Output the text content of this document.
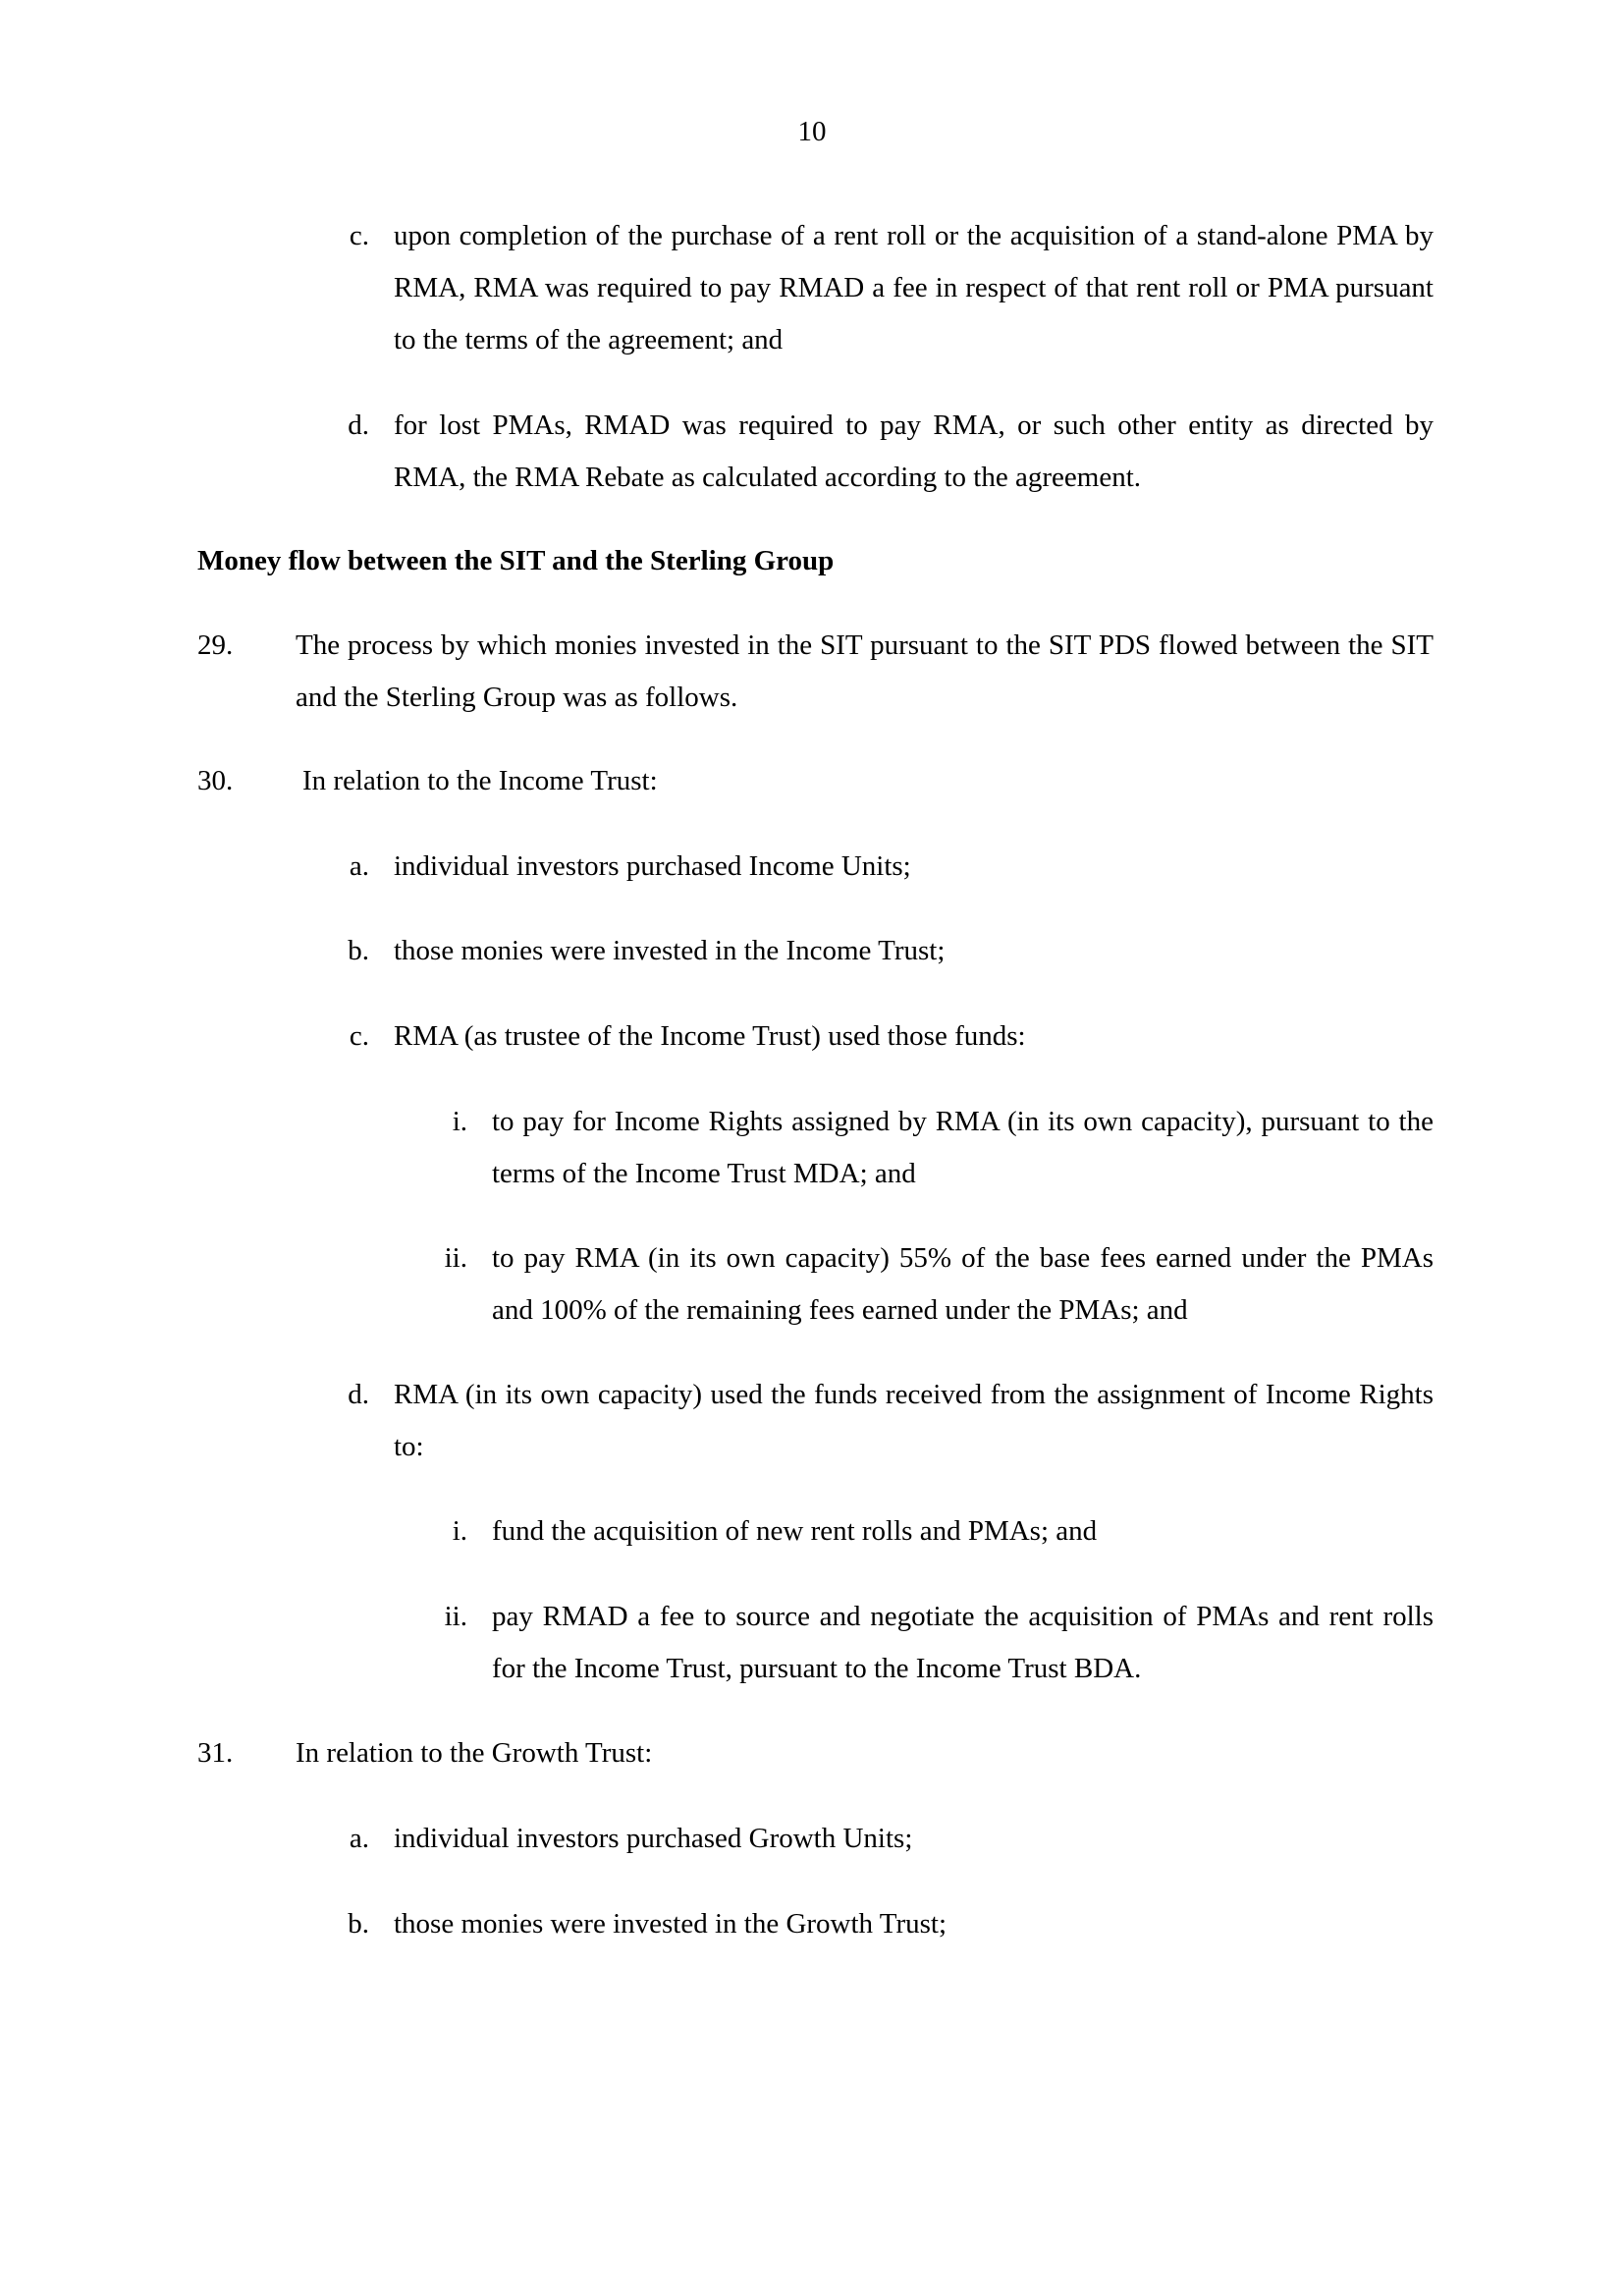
10
c. upon completion of the purchase of a rent roll or the acquisition of a stand-alone PMA by RMA, RMA was required to pay RMAD a fee in respect of that rent roll or PMA pursuant to the terms of the agreement; and
d. for lost PMAs, RMAD was required to pay RMA, or such other entity as directed by RMA, the RMA Rebate as calculated according to the agreement.
Money flow between the SIT and the Sterling Group
29. The process by which monies invested in the SIT pursuant to the SIT PDS flowed between the SIT and the Sterling Group was as follows.
30. In relation to the Income Trust:
a. individual investors purchased Income Units;
b. those monies were invested in the Income Trust;
c. RMA (as trustee of the Income Trust) used those funds:
i. to pay for Income Rights assigned by RMA (in its own capacity), pursuant to the terms of the Income Trust MDA; and
ii. to pay RMA (in its own capacity) 55% of the base fees earned under the PMAs and 100% of the remaining fees earned under the PMAs; and
d. RMA (in its own capacity) used the funds received from the assignment of Income Rights to:
i. fund the acquisition of new rent rolls and PMAs; and
ii. pay RMAD a fee to source and negotiate the acquisition of PMAs and rent rolls for the Income Trust, pursuant to the Income Trust BDA.
31. In relation to the Growth Trust:
a. individual investors purchased Growth Units;
b. those monies were invested in the Growth Trust;
